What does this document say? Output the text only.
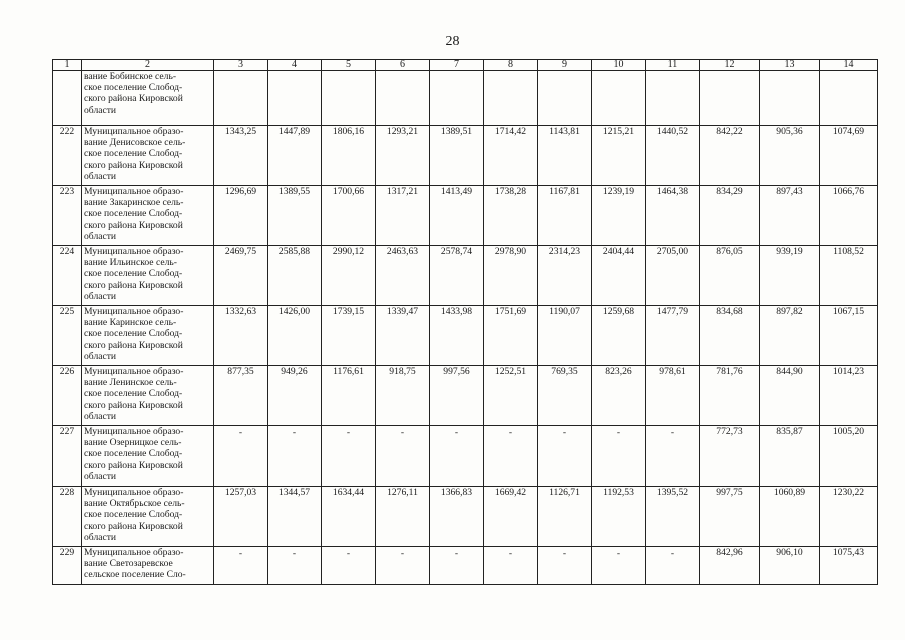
28
1	2	3	4	5	6	7	8	9	10	11	12	13	14

	вание Бобинское сель-
ское поселение Слобод-
ского района Кировской
области												

222	Муниципальное образо-
вание Денисовское сель-
ское поселение Слобод-
ского района Кировской
области	1343,25	1447,89	1806,16	1293,21	1389,51	1714,42	1143,81	1215,21	1440,52	842,22	905,36	1074,69
223	Муниципальное образо-
вание Закаринское сель-
ское поселение Слобод-
ского района Кировской
области	1296,69	1389,55	1700,66	1317,21	1413,49	1738,28	1167,81	1239,19	1464,38	834,29	897,43	1066,76
224	Муниципальное образо-
вание Ильинское сель-
ское поселение Слобод-
ского района Кировской
области	2469,75	2585,88	2990,12	2463,63	2578,74	2978,90	2314,23	2404,44	2705,00	876,05	939,19	1108,52
225	Муниципальное образо-
вание Каринское сель-
ское поселение Слобод-
ского района Кировской
области	1332,63	1426,00	1739,15	1339,47	1433,98	1751,69	1190,07	1259,68	1477,79	834,68	897,82	1067,15
226	Муниципальное образо-
вание Ленинское сель-
ское поселение Слобод-
ского района Кировской
области	877,35	949,26	1176,61	918,75	997,56	1252,51	769,35	823,26	978,61	781,76	844,90	1014,23
227	Муниципальное образо-
вание Озерницкое сель-
ское поселение Слобод-
ского района Кировской
области	-	-	-	-	-	-	-	-	-	772,73	835,87	1005,20
228	Муниципальное образо-
вание Октябрьское сель-
ское поселение Слобод-
ского района Кировской
области	1257,03	1344,57	1634,44	1276,11	1366,83	1669,42	1126,71	1192,53	1395,52	997,75	1060,89	1230,22
229	Муниципальное образо-
вание Светозаревское
сельское поселение Сло-	-	-	-	-	-	-	-	-	-	842,96	906,10	1075,43
